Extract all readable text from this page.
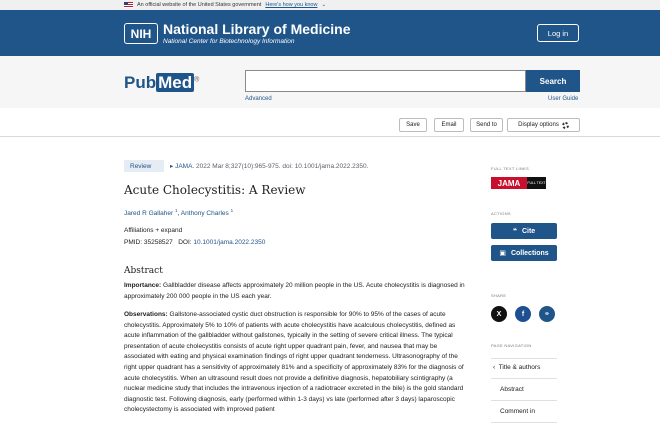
An official website of the United States government Here's how you know ⌄
NIH National Library of Medicine
National Center for Biotechnology Information
Log in
Pub Med ®	Search
Advanced	User Guide
Save	Email	Send to	Display options
Review	▸ JAMA. 2022 Mar 8;327(10):965-975. doi: 10.1001/jama.2022.2350.
Acute Cholecystitis: A Review
Jared R Gallaher $^1$, Anthony Charles $^1$
Affiliations + expand
PMID: 35258527 DOI: 10.1001/jama.2022.2350
Abstract
Importance: Gallbladder disease affects approximately 20 million people in the US. Acute cholecystitis is diagnosed in approximately 200 000 people in the US each year.
Observations: Gallstone-associated cystic duct obstruction is responsible for 90% to 95% of the cases of acute cholecystitis. Approximately 5% to 10% of patients with acute cholecystitis have acalculous cholecystitis, defined as acute inflammation of the gallbladder without gallstones, typically in the setting of severe critical illness. The typical presentation of acute cholecystitis consists of acute right upper quadrant pain, fever, and nausea that may be associated with eating and physical examination findings of right upper quadrant tenderness. Ultrasonography of the right upper quadrant has a sensitivity of approximately 81% and a specificity of approximately 83% for the diagnosis of acute cholecystitis. When an ultrasound result does not provide a definitive diagnosis, hepatobiliary scintigraphy (a nuclear medicine study that includes the intravenous injection of a radiotracer excreted in the bile) is the gold standard diagnostic test. Following diagnosis, early (performed within 1-3 days) vs late (performed after 3 days) laparoscopic cholecystectomy is associated with improved patient
FULL TEXT LINKS
JAMA	FULL TEXT
ACTIONS
❝ Cite
▣ Collections
SHARE
X	f	⚭
PAGE NAVIGATION
‹ Title & authors
Abstract
Comment in
